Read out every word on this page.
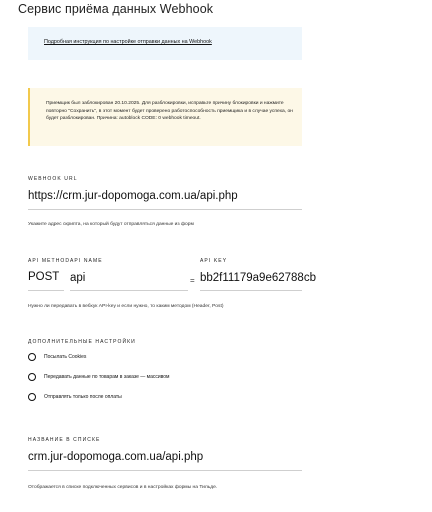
Сервис приёма данных Webhook
Подробная инструкция по настройке отправки данных на Webhook
Приемщик был заблокирован 20.10.2025. Для разблокировки, исправьте причину блокировки и нажмите повторно "Сохранить", в этот момент будет проверено работоспособность приемщика и в случае успеха, он будет разблокирован. Причина: autoblock CODE: 0 webhook timeout.
WEBHOOK URL
https://crm.jur-dopomoga.com.ua/api.php
Укажите адрес скрипта, на который будут отправляться данные из форм
API METHOD API NAME	API KEY
POST api	= bb2f11179a9e62788cb
Нужно ли передавать в вебхук API-key и если нужно, то каким методом (Header, Post)
ДОПОЛНИТЕЛЬНЫЕ НАСТРОЙКИ
Посылать Cookies
Передавать данные по товарам в заказе — массивом
Отправлять только после оплаты
НАЗВАНИЕ В СПИСКЕ
crm.jur-dopomoga.com.ua/api.php
Отображается в списке подключенных сервисов и в настройках формы на Тильде.
